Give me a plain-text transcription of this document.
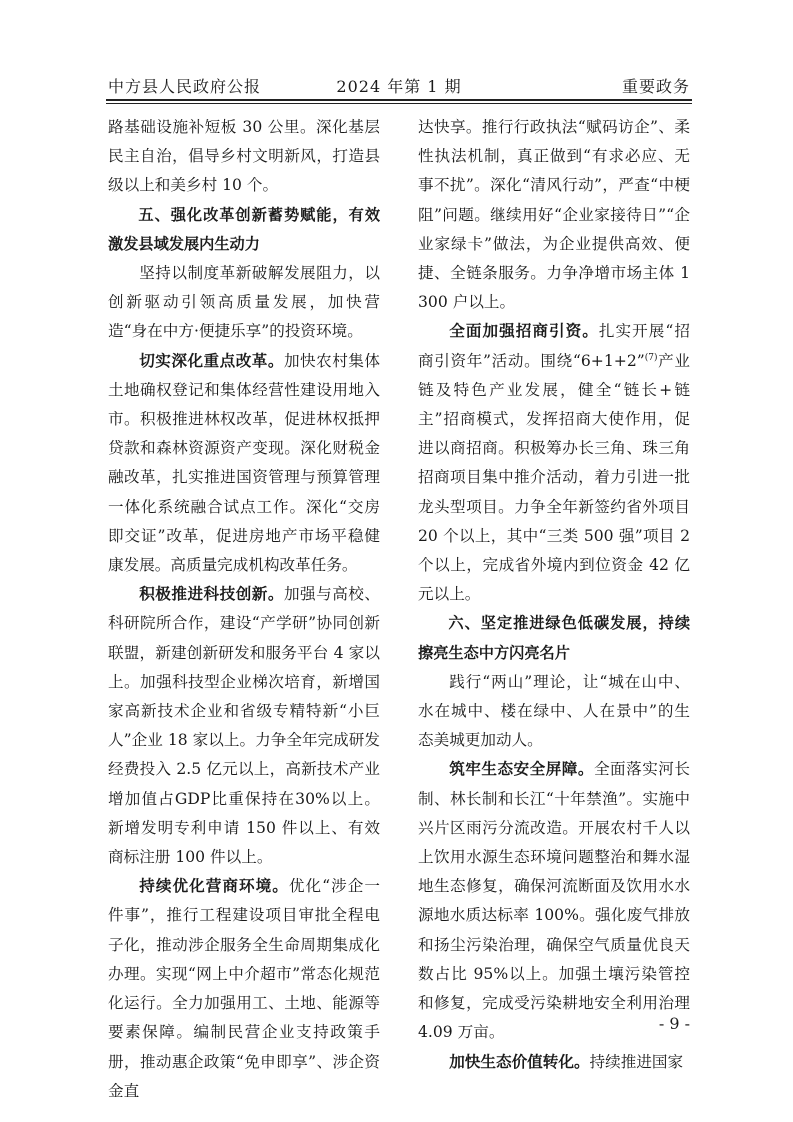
中方县人民政府公报	2024 年第 1 期	重要政务

路基础设施补短板 30 公里。深化基层民主自治，倡导乡村文明新风，打造县级以上和美乡村 10 个。

五、强化改革创新蓄势赋能，有效激发县域发展内生动力

坚持以制度革新破解发展阻力，以创新驱动引领高质量发展，加快营造“身在中方·便捷乐享”的投资环境。

切实深化重点改革。加快农村集体土地确权登记和集体经营性建设用地入市。积极推进林权改革，促进林权抵押贷款和森林资源资产变现。深化财税金融改革，扎实推进国资管理与预算管理一体化系统融合试点工作。深化“交房即交证”改革，促进房地产市场平稳健康发展。高质量完成机构改革任务。

积极推进科技创新。加强与高校、科研院所合作，建设“产学研”协同创新联盟，新建创新研发和服务平台 4 家以上。加强科技型企业梯次培育，新增国家高新技术企业和省级专精特新“小巨人”企业 18 家以上。力争全年完成研发经费投入 2.5 亿元以上，高新技术产业增加值占GDP比重保持在30%以上。新增发明专利申请 150 件以上、有效商标注册 100 件以上。

持续优化营商环境。优化“涉企一件事”，推行工程建设项目审批全程电子化，推动涉企服务全生命周期集成化办理。实现“网上中介超市”常态化规范化运行。全力加强用工、土地、能源等要素保障。编制民营企业支持政策手册，推动惠企政策“免申即享”、涉企资金直

达快享。推行行政执法“赋码访企”、柔性执法机制，真正做到“有求必应、无事不扰”。深化“清风行动”，严查“中梗阻”问题。继续用好“企业家接待日”“企业家绿卡”做法，为企业提供高效、便捷、全链条服务。力争净增市场主体 1300 户以上。

全面加强招商引资。扎实开展“招商引资年”活动。围绕“6+1+2”$^{(7)}$产业链及特色产业发展，健全“链长+链主”招商模式，发挥招商大使作用，促进以商招商。积极筹办长三角、珠三角招商项目集中推介活动，着力引进一批龙头型项目。力争全年新签约省外项目 20 个以上，其中“三类 500 强”项目 2 个以上，完成省外境内到位资金 42 亿元以上。

六、坚定推进绿色低碳发展，持续擦亮生态中方闪亮名片

践行“两山”理论，让“城在山中、水在城中、楼在绿中、人在景中”的生态美城更加动人。

筑牢生态安全屏障。全面落实河长制、林长制和长江“十年禁渔”。实施中兴片区雨污分流改造。开展农村千人以上饮用水源生态环境问题整治和舞水湿地生态修复，确保河流断面及饮用水水源地水质达标率 100%。强化废气排放和扬尘污染治理，确保空气质量优良天数占比 95%以上。加强土壤污染管控和修复，完成受污染耕地安全利用治理 4.09 万亩。

加快生态价值转化。持续推进国家

- 9 -
